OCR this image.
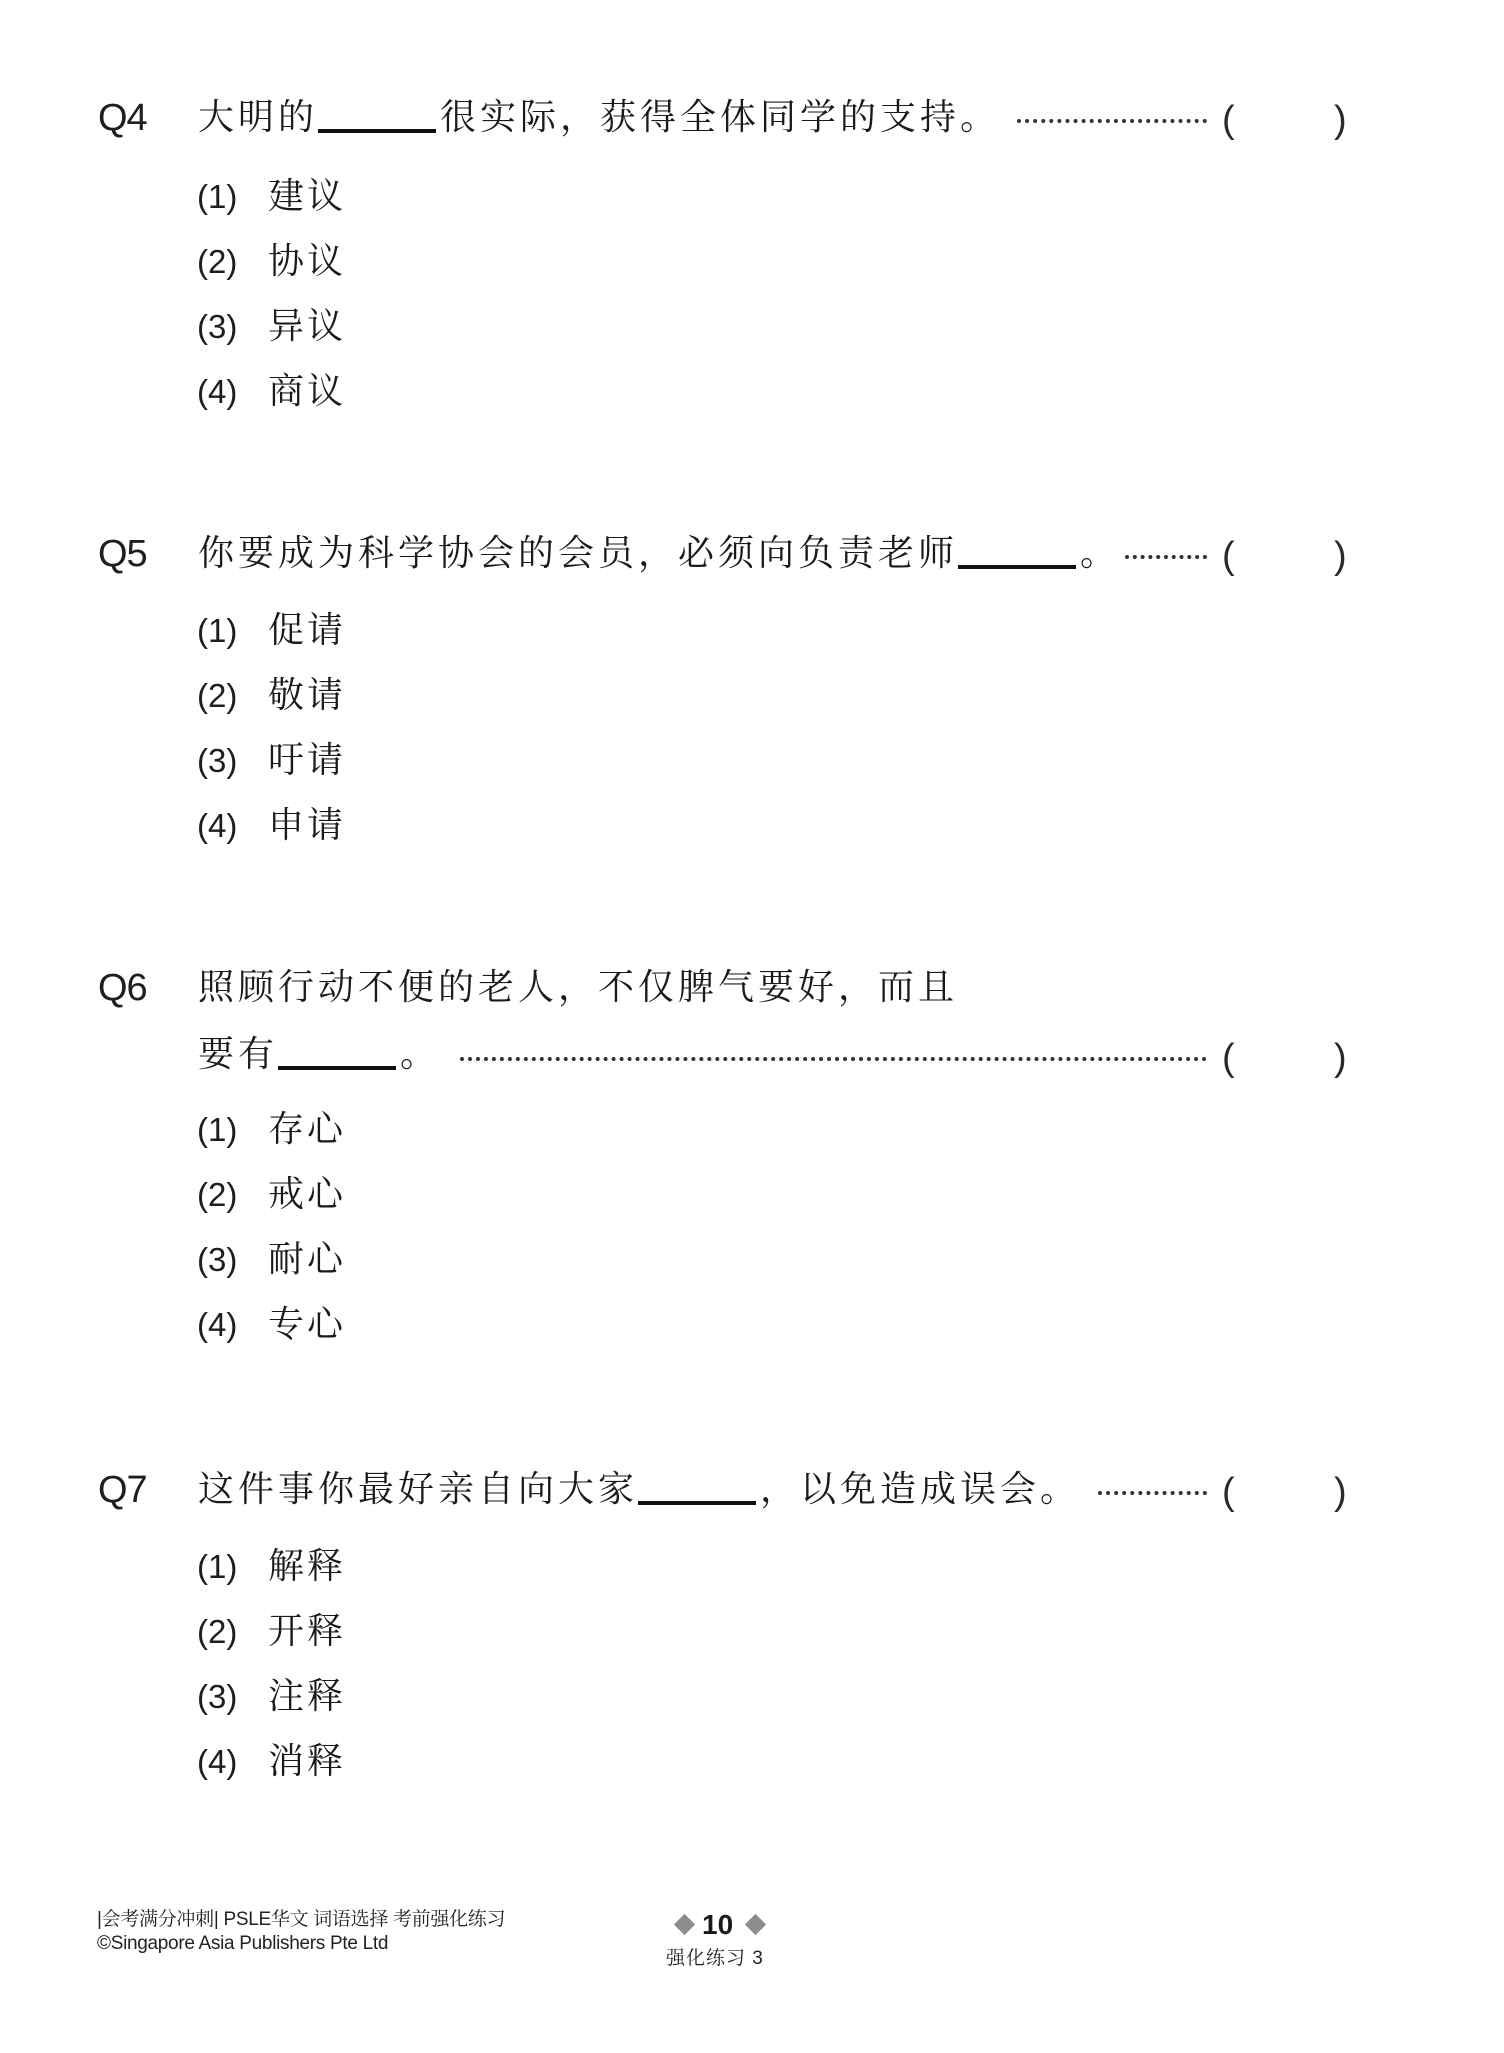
Q4 大明的	很实际，获得全体同学的支持。	(	)
(1) 建议
(2) 协议
(3) 异议
(4) 商议
Q5 你要成为科学协会的会员，必须向负责老师	。	(	)
(1) 促请
(2) 敬请
(3) 吁请
(4) 申请
Q6 照顾行动不便的老人，不仅脾气要好，而且
要有	。	(	)
(1) 存心
(2) 戒心
(3) 耐心
(4) 专心
Q7 这件事你最好亲自向大家	，以免造成误会。	(	)
(1) 解释
(2) 开释
(3) 注释
(4) 消释
|会考满分冲刺| PSLE华文 词语选择 考前强化练习
©Singapore Asia Publishers Pte Ltd
10
强化练习 3
